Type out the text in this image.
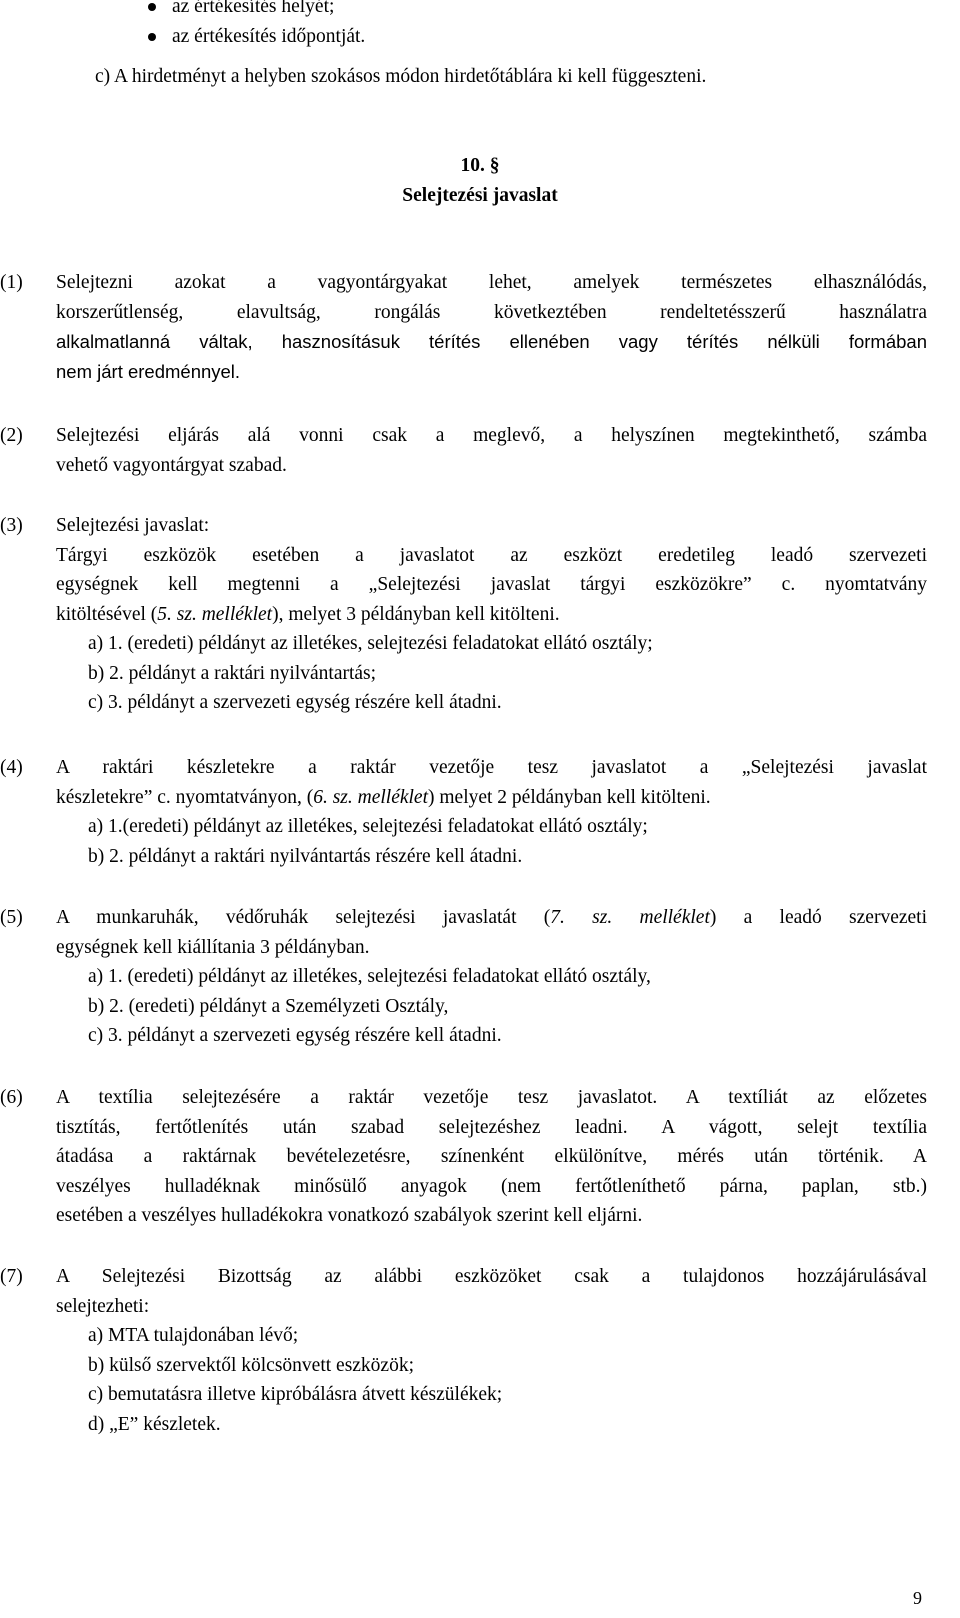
az értékesítés helyét;
az értékesítés időpontját.
c) A hirdetményt a helyben szokásos módon hirdetőtáblára ki kell függeszteni.
10. §
Selejtezési javaslat
(1) Selejtezni azokat a vagyontárgyakat lehet, amelyek természetes elhasználódás,
korszerűtlenség, elavultság, rongálás következtében rendeltetésszerű használatra
alkalmatlanná váltak, hasznosításuk térítés ellenében vagy térítés nélküli formában
nem járt eredménnyel.
(2) Selejtezési eljárás alá vonni csak a meglevő, a helyszínen megtekinthető, számba
vehető vagyontárgyat szabad.
(3) Selejtezési javaslat:
Tárgyi eszközök esetében a javaslatot az eszközt eredetileg leadó szervezeti
egységnek kell megtenni a „Selejtezési javaslat tárgyi eszközökre” c. nyomtatvány
kitöltésével (5. sz. melléklet), melyet 3 példányban kell kitölteni.
a) 1. (eredeti) példányt az illetékes, selejtezési feladatokat ellátó osztály;
b) 2. példányt a raktári nyilvántartás;
c) 3. példányt a szervezeti egység részére kell átadni.
(4) A raktári készletekre a raktár vezetője tesz javaslatot a „Selejtezési javaslat
készletekre” c. nyomtatványon, (6. sz. melléklet) melyet 2 példányban kell kitölteni.
a) 1.(eredeti) példányt az illetékes, selejtezési feladatokat ellátó osztály;
b) 2. példányt a raktári nyilvántartás részére kell átadni.
(5) A munkaruhák, védőruhák selejtezési javaslatát (7. sz. melléklet) a leadó szervezeti
egységnek kell kiállítania 3 példányban.
a) 1. (eredeti) példányt az illetékes, selejtezési feladatokat ellátó osztály,
b) 2. (eredeti) példányt a Személyzeti Osztály,
c) 3. példányt a szervezeti egység részére kell átadni.
(6) A textília selejtezésére a raktár vezetője tesz javaslatot. A textíliát az előzetes
tisztítás, fertőtlenítés után szabad selejtezéshez leadni. A vágott, selejt textília
átadása a raktárnak bevételezetésre, színenként elkülönítve, mérés után történik. A
veszélyes hulladéknak minősülő anyagok (nem fertőtleníthető párna, paplan, stb.)
esetében a veszélyes hulladékokra vonatkozó szabályok szerint kell eljárni.
(7) A Selejtezési Bizottság az alábbi eszközöket csak a tulajdonos hozzájárulásával
selejtezheti:
a) MTA tulajdonában lévő;
b) külső szervektől kölcsönvett eszközök;
c) bemutatásra illetve kipróbálásra átvett készülékek;
d) „E” készletek.
9
